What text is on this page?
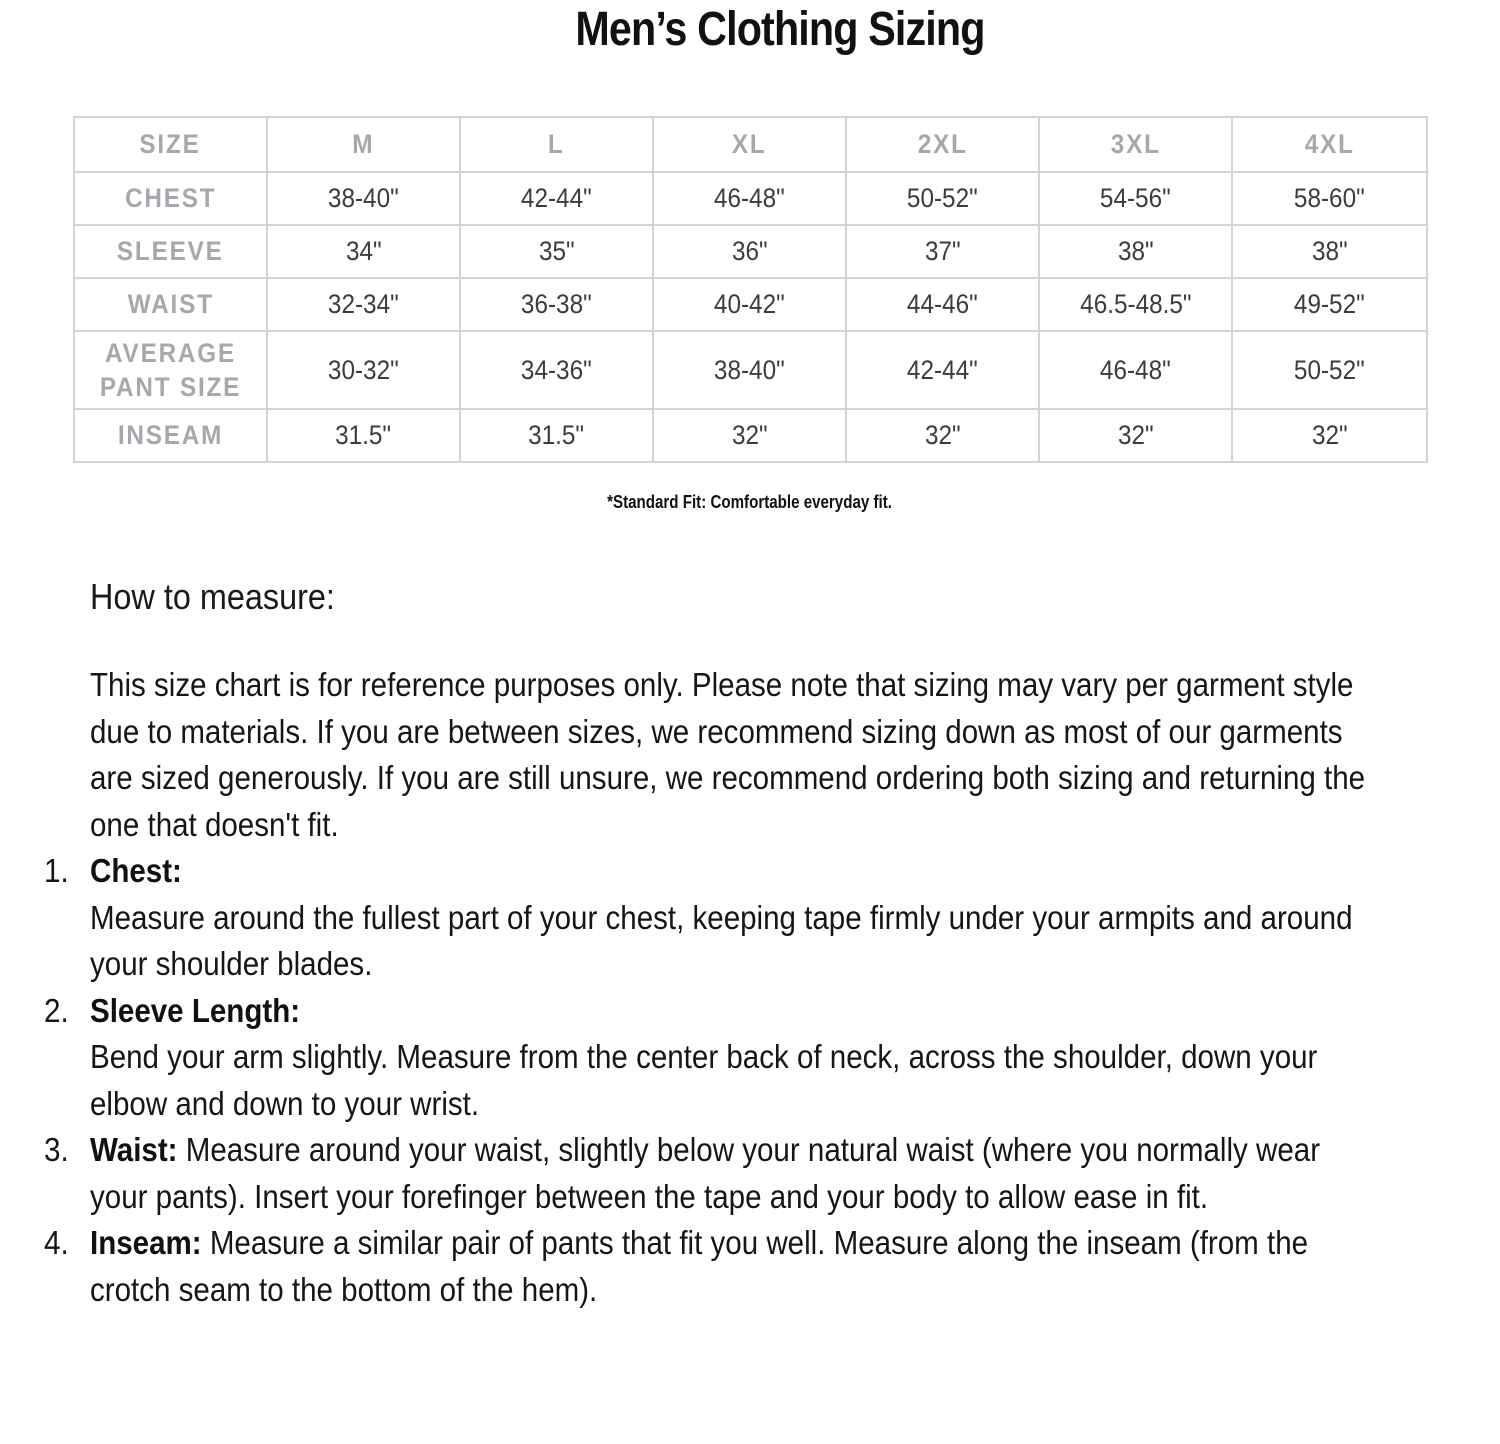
Men’s Clothing Sizing
SIZE	M	L	XL	2XL	3XL	4XL
CHEST	38-40"	42-44"	46-48"	50-52"	54-56"	58-60"
SLEEVE	34"	35"	36"	37"	38"	38"
WAIST	32-34"	36-38"	40-42"	44-46"	46.5-48.5"	49-52"
AVERAGE
PANT SIZE	30-32"	34-36"	38-40"	42-44"	46-48"	50-52"
INSEAM	31.5"	31.5"	32"	32"	32"	32"
*Standard Fit: Comfortable everyday fit.
How to measure:

This size chart is for reference purposes only. Please note that sizing may vary per garment style

due to materials. If you are between sizes, we recommend sizing down as most of our garments

are sized generously. If you are still unsure, we recommend ordering both sizing and returning the

one that doesn't fit.

1. Chest:
Measure around the fullest part of your chest, keeping tape firmly under your armpits and around
your shoulder blades.
2. Sleeve Length:
Bend your arm slightly. Measure from the center back of neck, across the shoulder, down your
elbow and down to your wrist.
3. Waist: Measure around your waist, slightly below your natural waist (where you normally wear
your pants). Insert your forefinger between the tape and your body to allow ease in fit.
4. Inseam: Measure a similar pair of pants that fit you well. Measure along the inseam (from the
crotch seam to the bottom of the hem).
